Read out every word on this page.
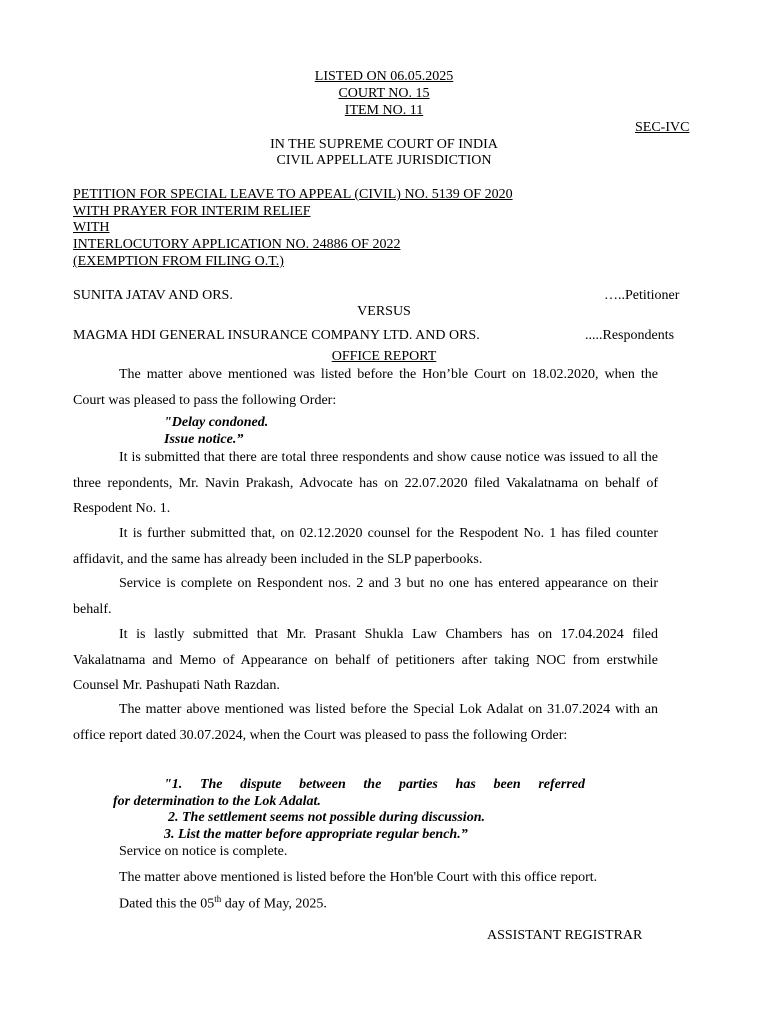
LISTED ON 06.05.2025
COURT NO. 15
ITEM NO. 11
SEC-IVC
IN THE SUPREME COURT OF INDIA
CIVIL APPELLATE JURISDICTION
PETITION FOR SPECIAL LEAVE TO APPEAL (CIVIL) NO. 5139 OF 2020
WITH PRAYER FOR INTERIM RELIEF
WITH
INTERLOCUTORY APPLICATION NO. 24886 OF 2022
(EXEMPTION FROM FILING O.T.)
SUNITA JATAV AND ORS.	…..Petitioner
VERSUS
MAGMA HDI GENERAL INSURANCE COMPANY LTD. AND ORS.	.....Respondents
OFFICE REPORT
The matter above mentioned was listed before the Hon’ble Court on 18.02.2020, when the Court was pleased to pass the following Order:
"Delay condoned.
Issue notice.”
It is submitted that there are total three respondents and show cause notice was issued to all the three repondents, Mr. Navin Prakash, Advocate has on 22.07.2020 filed Vakalatnama on behalf of Respodent No. 1.
It is further submitted that, on 02.12.2020 counsel for the Respodent No. 1 has filed counter affidavit, and the same has already been included in the SLP paperbooks.
Service is complete on Respondent nos. 2 and 3 but no one has entered appearance on their behalf.
It is lastly submitted that Mr. Prasant Shukla Law Chambers has on 17.04.2024 filed Vakalatnama and Memo of Appearance on behalf of petitioners after taking NOC from erstwhile Counsel Mr. Pashupati Nath Razdan.
The matter above mentioned was listed before the Special Lok Adalat on 31.07.2024 with an office report dated 30.07.2024, when the Court was pleased to pass the following Order:
"1. The dispute between the parties has been referred
for determination to the Lok Adalat.
2. The settlement seems not possible during discussion.
3. List the matter before appropriate regular bench.”
Service on notice is complete.
The matter above mentioned is listed before the Hon'ble Court with this office report.
Dated this the 05th day of May, 2025.
ASSISTANT REGISTRAR
